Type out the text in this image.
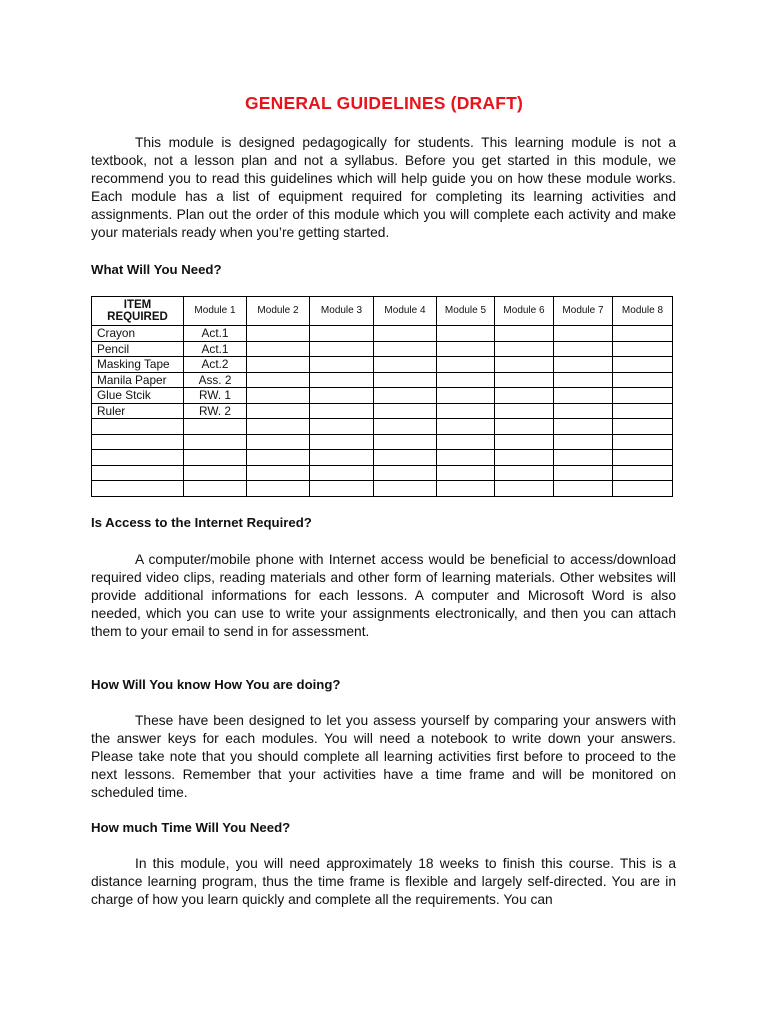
GENERAL GUIDELINES (DRAFT)

This module is designed pedagogically for students. This learning module is not a textbook, not a lesson plan and not a syllabus. Before you get started in this module, we recommend you to read this guidelines which will help guide you on how these module works. Each module has a list of equipment required for completing its learning activities and assignments. Plan out the order of this module which you will complete each activity and make your materials ready when you’re getting started.

What Will You Need?
ITEM REQUIRED	Module 1	Module 2	Module 3	Module 4	Module 5	Module 6	Module 7	Module 8
Crayon	Act.1							
Pencil	Act.1							
Masking Tape	Act.2							
Manila Paper	Ass. 2							
Glue Stcik	RW. 1							
Ruler	RW. 2							

Is Access to the Internet Required?

A computer/mobile phone with Internet access would be beneficial to access/download required video clips, reading materials and other form of learning materials. Other websites will provide additional informations for each lessons. A computer and Microsoft Word is also needed, which you can use to write your assignments electronically, and then you can attach them to your email to send in for assessment.

How Will You know How You are doing?

These have been designed to let you assess yourself by comparing your answers with the answer keys for each modules. You will need a notebook to write down your answers. Please take note that you should complete all learning activities first before to proceed to the next lessons. Remember that your activities have a time frame and will be monitored on scheduled time.

How much Time Will You Need?

In this module, you will need approximately 18 weeks to finish this course. This is a distance learning program, thus the time frame is flexible and largely self-directed. You are in charge of how you learn quickly and complete all the requirements. You can
